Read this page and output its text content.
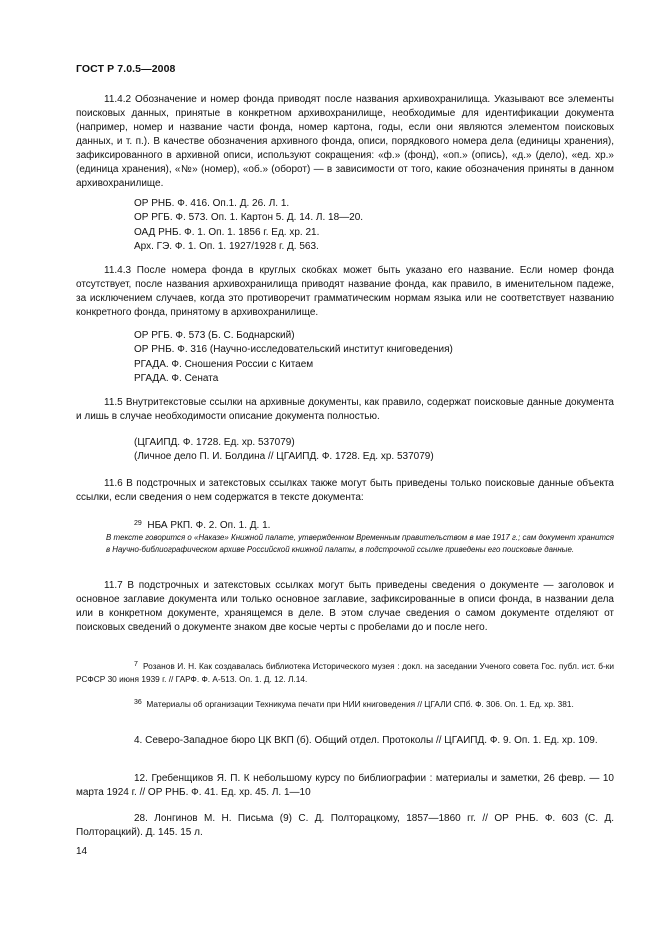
ГОСТ Р 7.0.5—2008

11.4.2 Обозначение и номер фонда приводят после названия архивохранилища. Указывают все элементы поисковых данных, принятые в конкретном архивохранилище, необходимые для идентификации документа (например, номер и название части фонда, номер картона, годы, если они являются элементом поисковых данных, и т. п.). В качестве обозначения архивного фонда, описи, порядкового номера дела (единицы хранения), зафиксированного в архивной описи, используют сокращения: «ф.» (фонд), «оп.» (опись), «д.» (дело), «ед. хр.» (единица хранения), «№» (номер), «об.» (оборот) — в зависимости от того, какие обозначения приняты в данном архивохранилище.

ОР РНБ. Ф. 416. Оп.1. Д. 26. Л. 1.
ОР РГБ. Ф. 573. Оп. 1. Картон 5. Д. 14. Л. 18—20.
ОАД РНБ. Ф. 1. Оп. 1. 1856 г. Ед. хр. 21.
Арх. ГЭ. Ф. 1. Оп. 1. 1927/1928 г. Д. 563.

11.4.3 После номера фонда в круглых скобках может быть указано его название. Если номер фонда отсутствует, после названия архивохранилища приводят название фонда, как правило, в именительном падеже, за исключением случаев, когда это противоречит грамматическим нормам языка или не соответствует названию конкретного фонда, принятому в архивохранилище.

ОР РГБ. Ф. 573 (Б. С. Боднарский)
ОР РНБ. Ф. 316 (Научно-исследовательский институт книговедения)
РГАДА. Ф. Сношения России с Китаем
РГАДА. Ф. Сената

11.5 Внутритекстовые ссылки на архивные документы, как правило, содержат поисковые данные документа и лишь в случае необходимости описание документа полностью.

(ЦГАИПД. Ф. 1728. Ед. хр. 537079)
(Личное дело П. И. Болдина // ЦГАИПД. Ф. 1728. Ед. хр. 537079)

11.6 В подстрочных и затекстовых ссылках также могут быть приведены только поисковые данные объекта ссылки, если сведения о нем содержатся в тексте документа:

$^{29}$ НБА РКП. Ф. 2. Оп. 1. Д. 1.

В тексте говорится о «Наказе» Книжной палате, утвержденном Временным правительством в мае 1917 г.; сам документ хранится в Научно-библиографическом архиве Российской книжной палаты, в подстрочной ссылке приведены его поисковые данные.

11.7 В подстрочных и затекстовых ссылках могут быть приведены сведения о документе — заголовок и основное заглавие документа или только основное заглавие, зафиксированные в описи фонда, в названии дела или в конкретном документе, хранящемся в деле. В этом случае сведения о самом документе отделяют от поисковых сведений о документе знаком две косые черты с пробелами до и после него.

$^7$ Розанов И. Н. Как создавалась библиотека Исторического музея : докл. на заседании Ученого совета Гос. публ. ист. б-ки РСФСР 30 июня 1939 г. // ГАРФ. Ф. А-513. Оп. 1. Д. 12. Л.14.

$^{36}$ Материалы об организации Техникума печати при НИИ книговедения // ЦГАЛИ СПб. Ф. 306. Оп. 1. Ед. хр. 381.

4. Северо-Западное бюро ЦК ВКП (б). Общий отдел. Протоколы // ЦГАИПД. Ф. 9. Оп. 1. Ед. хр. 109.

12. Гребенщиков Я. П. К небольшому курсу по библиографии : материалы и заметки, 26 февр. — 10 марта 1924 г. // ОР РНБ. Ф. 41. Ед. хр. 45. Л. 1—10

28. Лонгинов М. Н. Письма (9) С. Д. Полторацкому, 1857—1860 гг. // ОР РНБ. Ф. 603 (С. Д. Полторацкий). Д. 145. 15 л.

14
